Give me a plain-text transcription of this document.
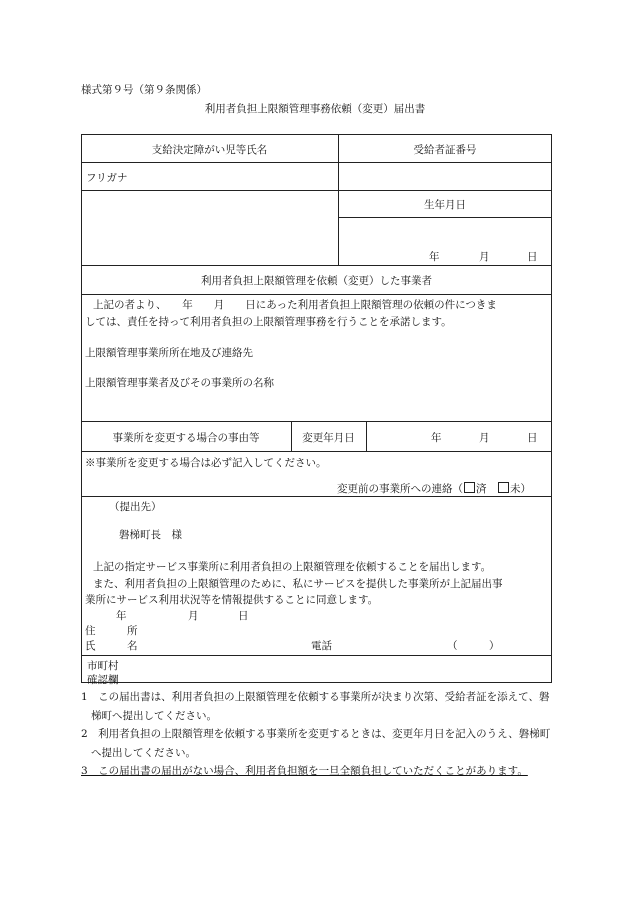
様式第９号（第９条関係）
利用者負担上限額管理事務依頼（変更）届出書
支給決定障がい児等氏名	受給者証番号
フリガナ
生年月日
年	月	日
利用者負担上限額管理を依頼（変更）した事業者
上記の者より、　　年　　月　　日にあった利用者負担上限額管理の依頼の件につきま
しては、責任を持って利用者負担の上限額管理事務を行うことを承諾します。
上限額管理事業所所在地及び連絡先
上限額管理事業者及びその事業所の名称
事業所を変更する場合の事由等	変更年月日	年	月	日
※事業所を変更する場合は必ず記入してください。
変更前の事業所への連絡（ 済　 未）
（提出先）
磐梯町長　様
上記の指定サービス事業所に利用者負担の上限額管理を依頼することを届出します。
また、利用者負担の上限額管理のために、私にサービスを提供した事業所が上記届出事
業所にサービス利用状況等を情報提供することに同意します。
年	月	日
住　　　所
氏　　　名	電話	（　　　）
市町村
確認欄

1　この届出書は、利用者負担の上限額管理を依頼する事業所が決まり次第、受給者証を添えて、磐梯町へ提出してください。

2　利用者負担の上限額管理を依頼する事業所を変更するときは、変更年月日を記入のうえ、磐梯町へ提出してください。

3　この届出書の届出がない場合、利用者負担額を一旦全額負担していただくことがあります。
